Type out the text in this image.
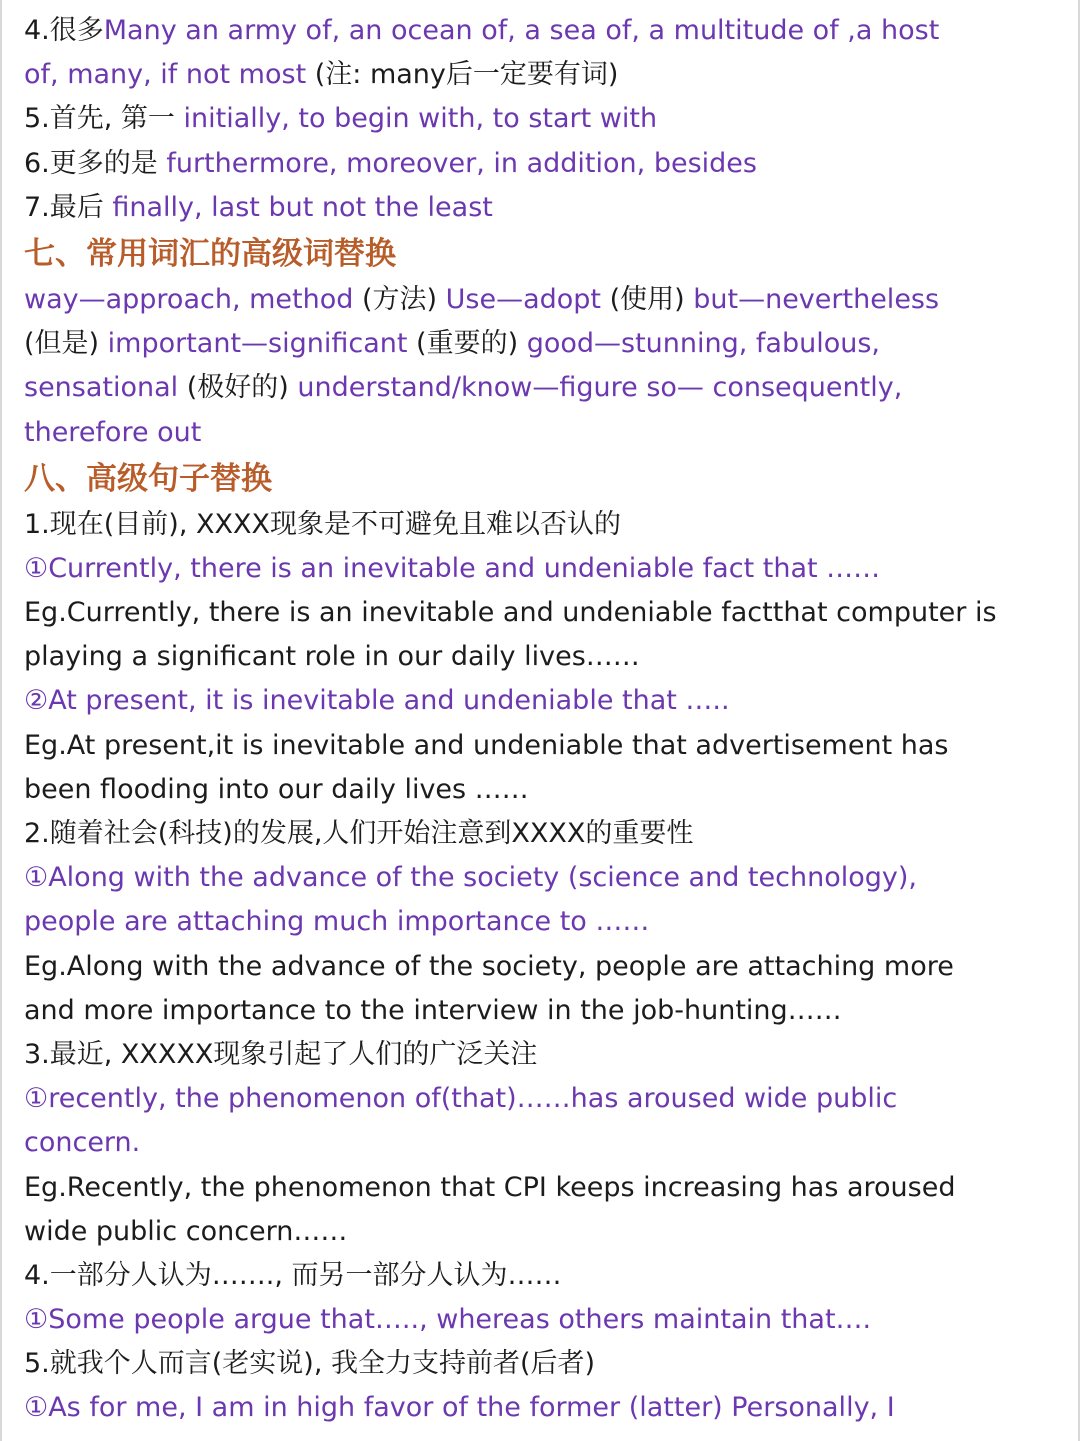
4.很多Many an army of, an ocean of, a sea of, a multitude of ,a host
of, many, if not most (注: many后一定要有词)
5.首先, 第一 initially, to begin with, to start with
6.更多的是 furthermore, moreover, in addition, besides
7.最后 finally, last but not the least
七、常用词汇的高级词替换
way—approach, method (方法) Use—adopt (使用) but—nevertheless
(但是) important—significant (重要的) good—stunning, fabulous,
sensational (极好的) understand/know—figure so— consequently,
therefore out
八、高级句子替换
1.现在(目前), XXXX现象是不可避免且难以否认的
①Currently, there is an inevitable and undeniable fact that ……
Eg.Currently, there is an inevitable and undeniable factthat computer is
playing a significant role in our daily lives……
②At present, it is inevitable and undeniable that …..
Eg.At present,it is inevitable and undeniable that advertisement has
been flooding into our daily lives ……
2.随着社会(科技)的发展,人们开始注意到XXXX的重要性
①Along with the advance of the society (science and technology),
people are attaching much importance to ……
Eg.Along with the advance of the society, people are attaching more
and more importance to the interview in the job-hunting……
3.最近, XXXXX现象引起了人们的广泛关注
①recently, the phenomenon of(that)……has aroused wide public
concern.
Eg.Recently, the phenomenon that CPI keeps increasing has aroused
wide public concern……
4.一部分人认为……., 而另一部分人认为……
①Some people argue that….., whereas others maintain that….
5.就我个人而言(老实说), 我全力支持前者(后者)
①As for me, I am in high favor of the former (latter) Personally, I
